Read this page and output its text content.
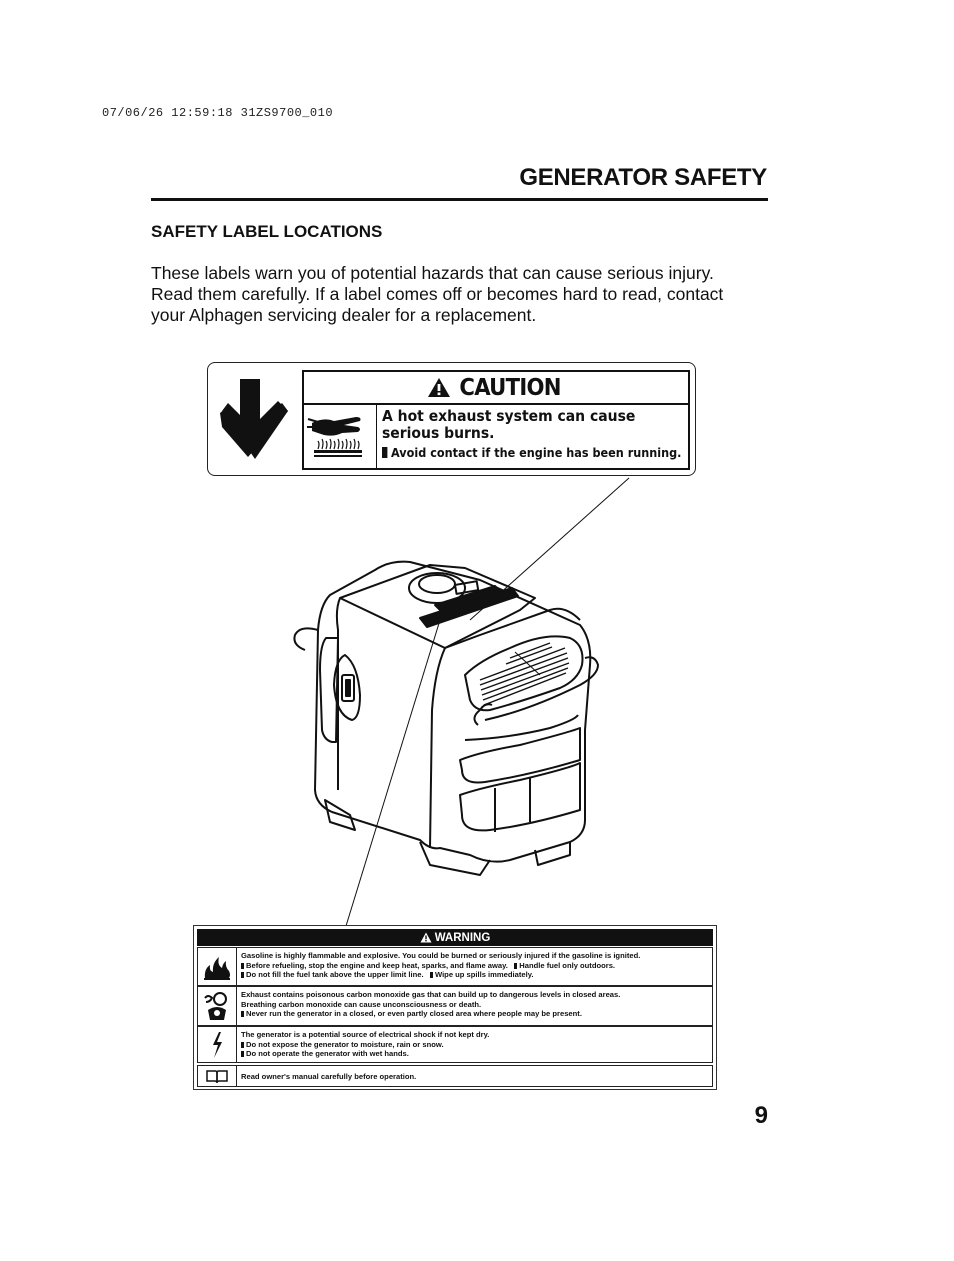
07/06/26 12:59:18 31ZS9700_010
GENERATOR SAFETY
SAFETY LABEL LOCATIONS

These labels warn you of potential hazards that can cause serious injury. Read them carefully. If a label comes off or becomes hard to read, contact your Alphagen servicing dealer for a replacement.

CAUTION
A hot exhaust system can cause
serious burns.
Avoid contact if the engine has been running.
WARNING
Gasoline is highly flammable and explosive. You could be burned or seriously injured if the gasoline is ignited.
Before refueling, stop the engine and keep heat, sparks, and flame away. Handle fuel only outdoors.
Do not fill the fuel tank above the upper limit line. Wipe up spills immediately.
Exhaust contains poisonous carbon monoxide gas that can build up to dangerous levels in closed areas.
Breathing carbon monoxide can cause unconsciousness or death.
Never run the generator in a closed, or even partly closed area where people may be present.
The generator is a potential source of electrical shock if not kept dry.
Do not expose the generator to moisture, rain or snow.
Do not operate the generator with wet hands.
Read owner's manual carefully before operation.
9
